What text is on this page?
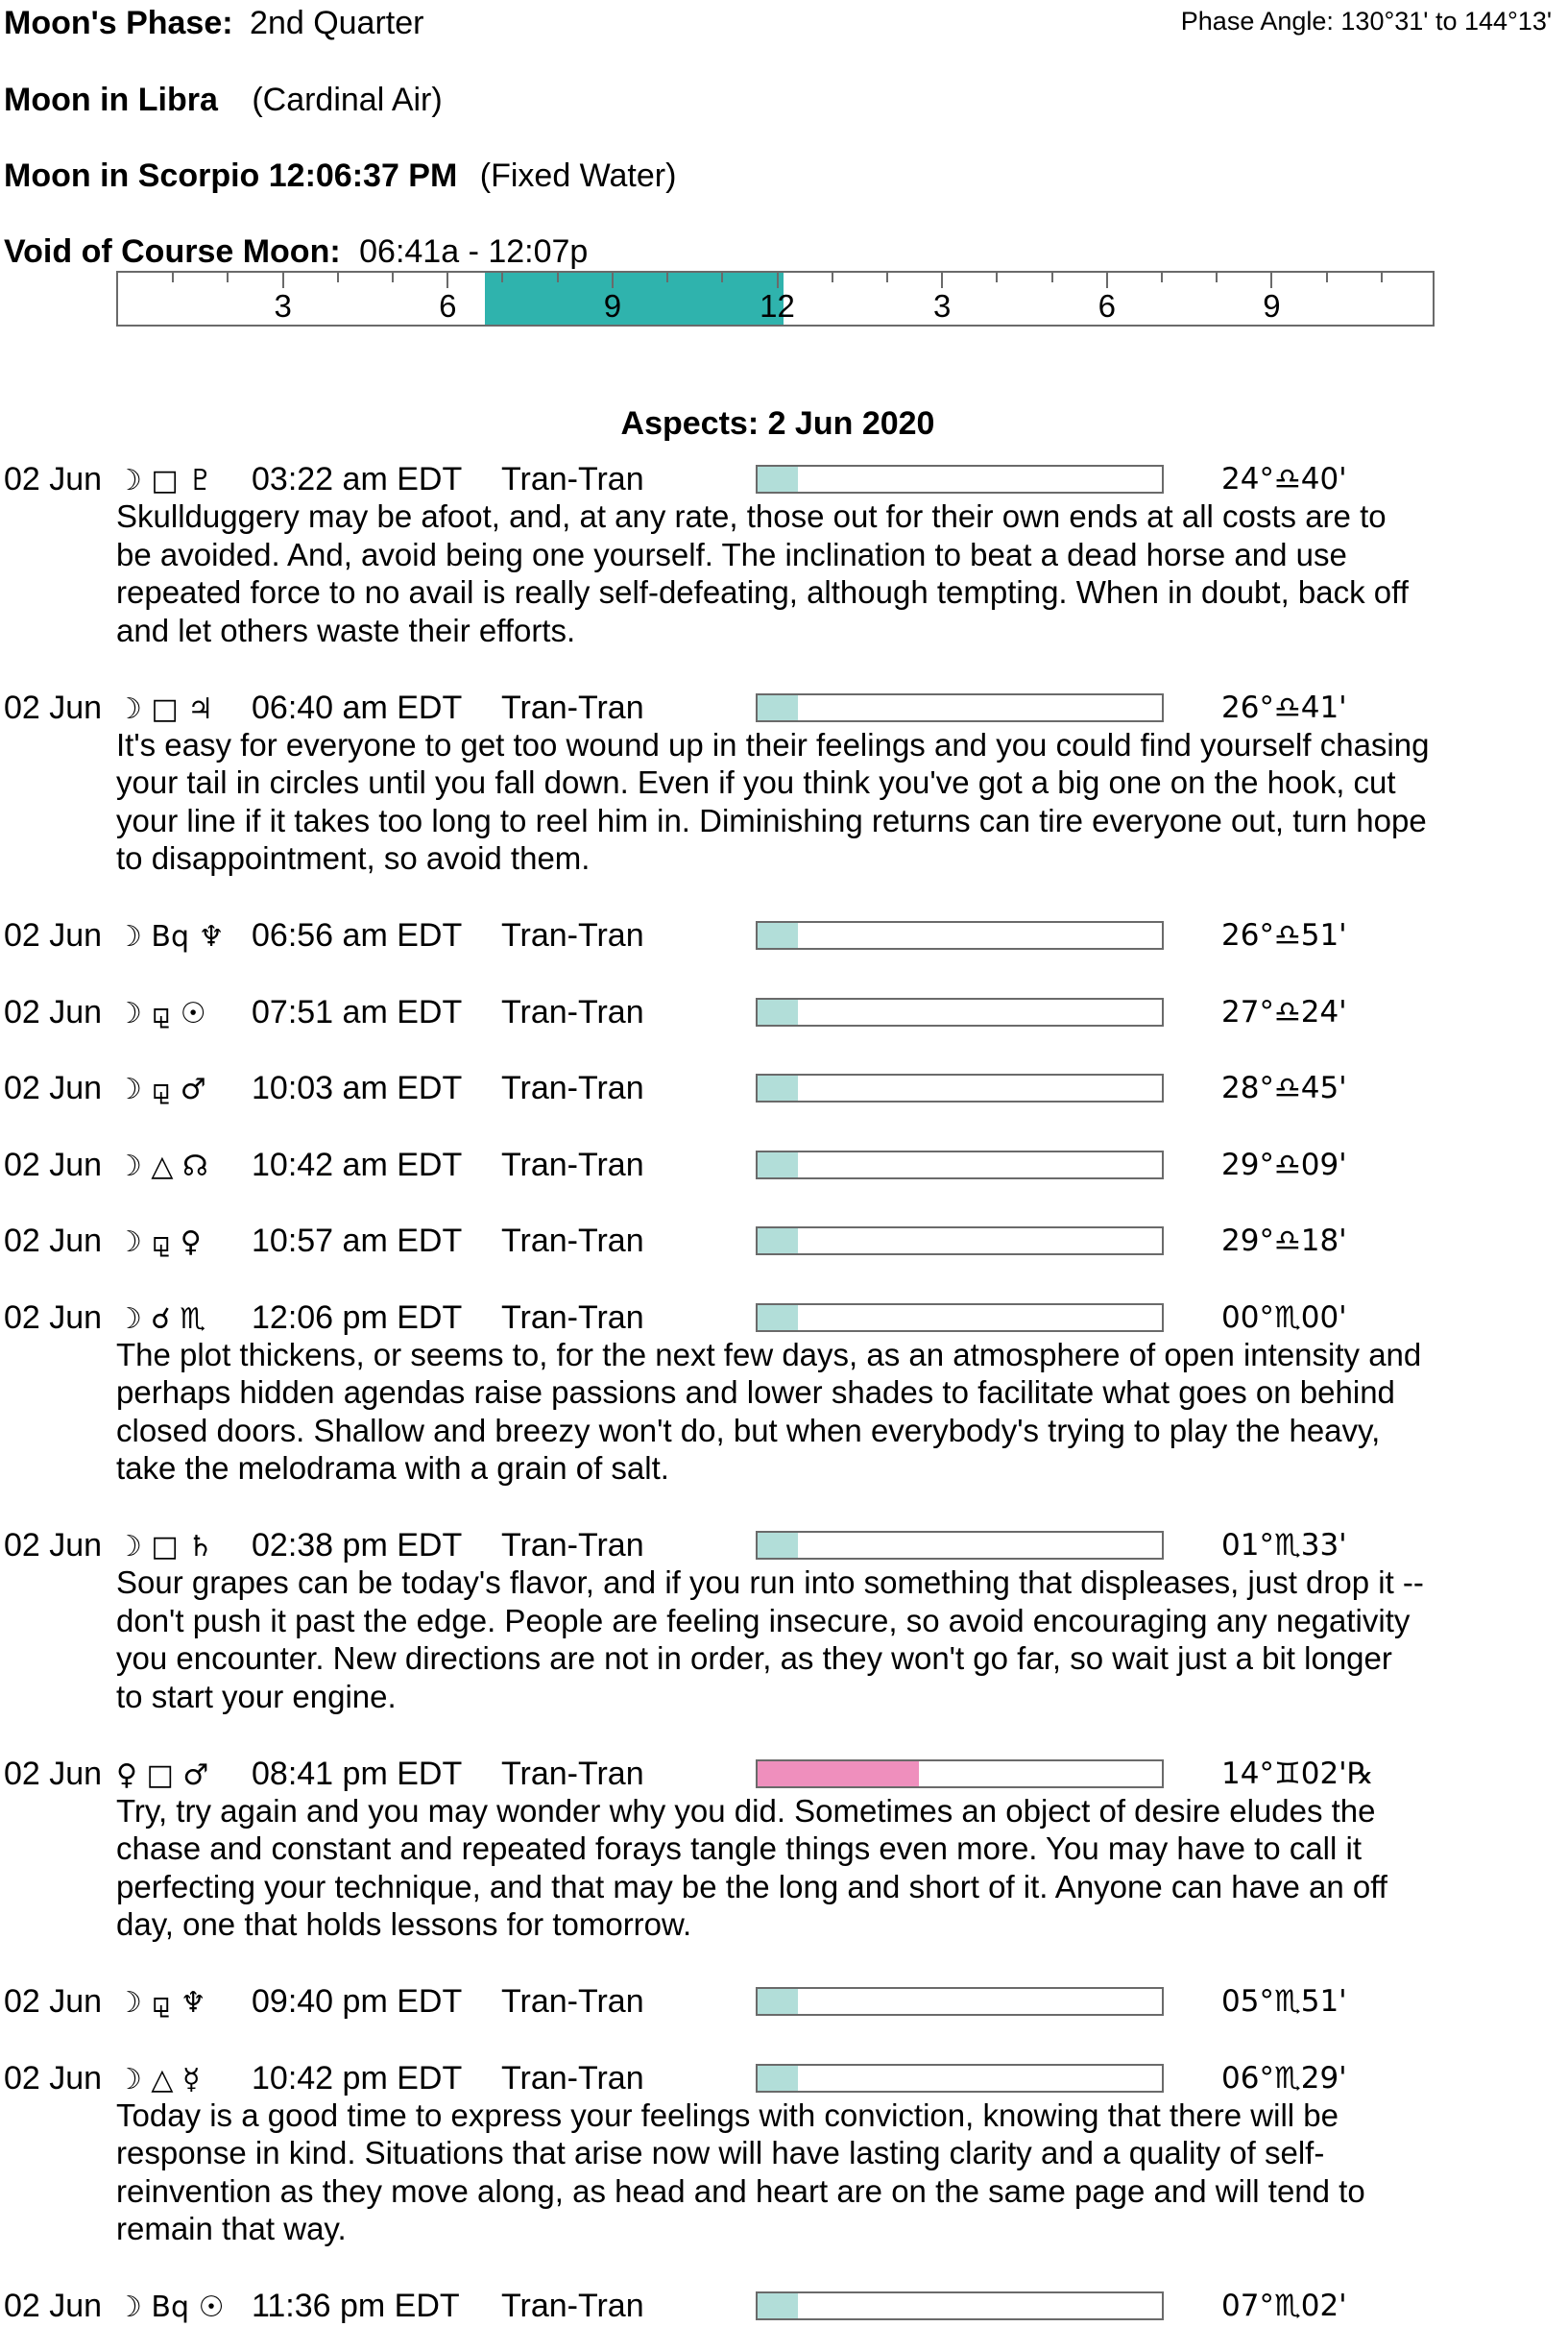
Moon's Phase: 2nd Quarter	Phase Angle: 130°31' to 144°13'
Moon in Libra (Cardinal Air)
Moon in Scorpio 12:06:37 PM (Fixed Water)
Void of Course Moon: 06:41a - 12:07p
3	6	9	12	3	6	9
Aspects: 2 Jun 2020
02 Jun ☽ □ ♇ 03:22 am EDT Tran-Tran	24°♎40'

Skullduggery may be afoot, and, at any rate, those out for their own ends at all costs are to

be avoided. And, avoid being one yourself. The inclination to beat a dead horse and use

repeated force to no avail is really self-defeating, although tempting. When in doubt, back off

and let others waste their efforts.

02 Jun ☽ □ ♃ 06:40 am EDT Tran-Tran	26°♎41'

It's easy for everyone to get too wound up in their feelings and you could find yourself chasing

your tail in circles until you fall down. Even if you think you've got a big one on the hook, cut

your line if it takes too long to reel him in. Diminishing returns can tire everyone out, turn hope

to disappointment, so avoid them.

02 Jun ☽ Bq ♆ 06:56 am EDT Tran-Tran	26°♎51'
02 Jun ☽ ⚼ ☉ 07:51 am EDT Tran-Tran	27°♎24'
02 Jun ☽ ⚼ ♂ 10:03 am EDT Tran-Tran	28°♎45'
02 Jun ☽ △ ☊ 10:42 am EDT Tran-Tran	29°♎09'
02 Jun ☽ ⚼ ♀ 10:57 am EDT Tran-Tran	29°♎18'
02 Jun ☽ ☌ ♏ 12:06 pm EDT Tran-Tran	00°♏00'

The plot thickens, or seems to, for the next few days, as an atmosphere of open intensity and

perhaps hidden agendas raise passions and lower shades to facilitate what goes on behind

closed doors. Shallow and breezy won't do, but when everybody's trying to play the heavy,

take the melodrama with a grain of salt.

02 Jun ☽ □ ♄ 02:38 pm EDT Tran-Tran	01°♏33'

Sour grapes can be today's flavor, and if you run into something that displeases, just drop it --

don't push it past the edge. People are feeling insecure, so avoid encouraging any negativity

you encounter. New directions are not in order, as they won't go far, so wait just a bit longer

to start your engine.

02 Jun ♀ □ ♂ 08:41 pm EDT Tran-Tran	14°♊02'℞

Try, try again and you may wonder why you did. Sometimes an object of desire eludes the

chase and constant and repeated forays tangle things even more. You may have to call it

perfecting your technique, and that may be the long and short of it. Anyone can have an off

day, one that holds lessons for tomorrow.

02 Jun ☽ ⚼ ♆ 09:40 pm EDT Tran-Tran	05°♏51'
02 Jun ☽ △ ☿ 10:42 pm EDT Tran-Tran	06°♏29'

Today is a good time to express your feelings with conviction, knowing that there will be

response in kind. Situations that arise now will have lasting clarity and a quality of self-

reinvention as they move along, as head and heart are on the same page and will tend to

remain that way.

02 Jun ☽ Bq ☉ 11:36 pm EDT Tran-Tran	07°♏02'
